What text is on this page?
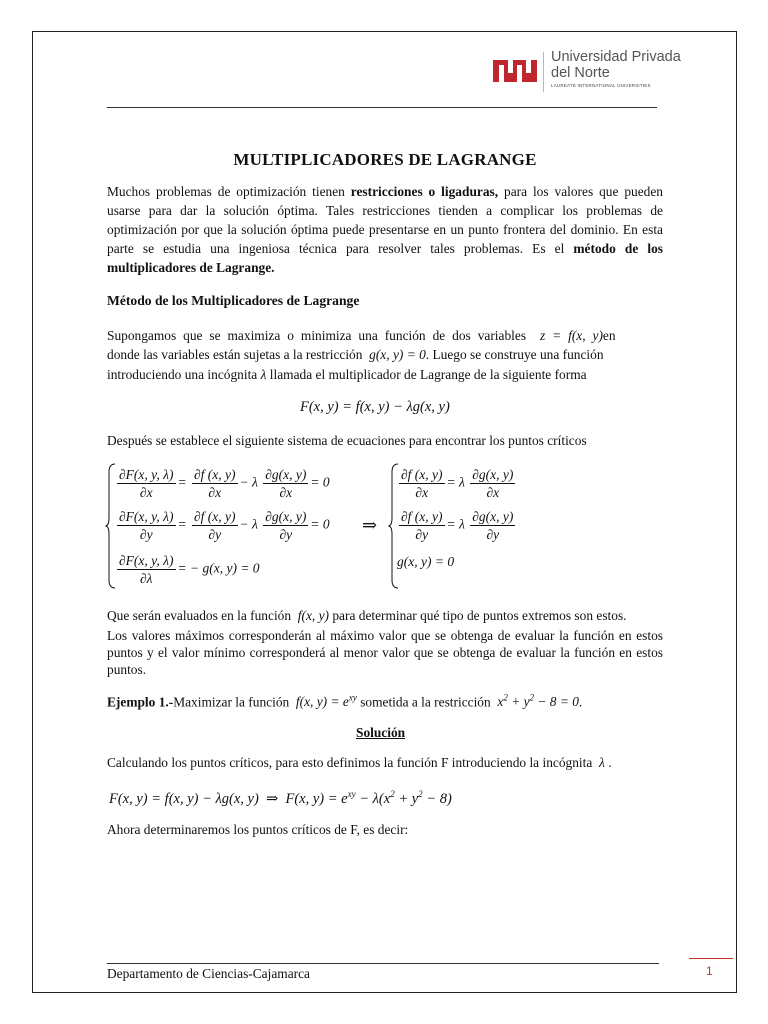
Universidad Privada
del Norte
LAUREATE INTERNATIONAL UNIVERSITIES
MULTIPLICADORES DE LAGRANGE
Muchos problemas de optimización tienen restricciones o ligaduras, para los valores que pueden usarse para dar la solución óptima. Tales restricciones tienden a complicar los problemas de optimización por que la solución óptima puede presentarse en un punto frontera del dominio. En esta parte se estudia una ingeniosa técnica para resolver tales problemas. Es el método de los multiplicadores de Lagrange.
Método de los Multiplicadores de Lagrange
Supongamos que se maximiza o minimiza una función de dos variables z = f(x, y)en
donde las variables están sujetas a la restricción g(x, y) = 0. Luego se construye una función
introduciendo una incógnita λ llamada el multiplicador de Lagrange de la siguiente forma
F(x, y) = f(x, y) − λg(x, y)
Después se establece el siguiente sistema de ecuaciones para encontrar los puntos críticos
$\frac{\partial F(x, y, \lambda)}{\partial x} = \frac{\partial f (x, y)}{\partial x} - \lambda \frac{\partial g(x, y)}{\partial x} = 0$
$\frac{\partial F(x, y, \lambda)}{\partial y} = \frac{\partial f (x, y)}{\partial y} - \lambda \frac{\partial g(x, y)}{\partial y} = 0$
$\frac{\partial F(x, y, \lambda)}{\partial\lambda}$ = − g(x, y) = 0
⇒
$\frac{\partial f (x, y)}{\partial x} = \lambda \frac{\partial g(x, y)}{\partial x}$
$\frac{\partial f (x, y)}{\partial y} = \lambda \frac{\partial g(x, y)}{\partial y}$
g(x, y) = 0
Que serán evaluados en la función f(x, y) para determinar qué tipo de puntos extremos son estos.
Los valores máximos corresponderán al máximo valor que se obtenga de evaluar la función en estos puntos y el valor mínimo corresponderá al menor valor que se obtenga de evaluar la función en estos puntos.
Ejemplo 1.-Maximizar la función f(x, $y) = e^{xy}$ sometida a la restricción $x^2 + y^2 - 8 = 0$.
Solución
Calculando los puntos críticos, para esto definimos la función F introduciendo la incógnita λ .
F(x, y) = f(x, y) − λg(x, y) ⇒ F(x, $y) = e^{xy} - \lambda(x^2 + y^2 - 8)$
Ahora determinaremos los puntos críticos de F, es decir:
Departamento de Ciencias-Cajamarca	1
